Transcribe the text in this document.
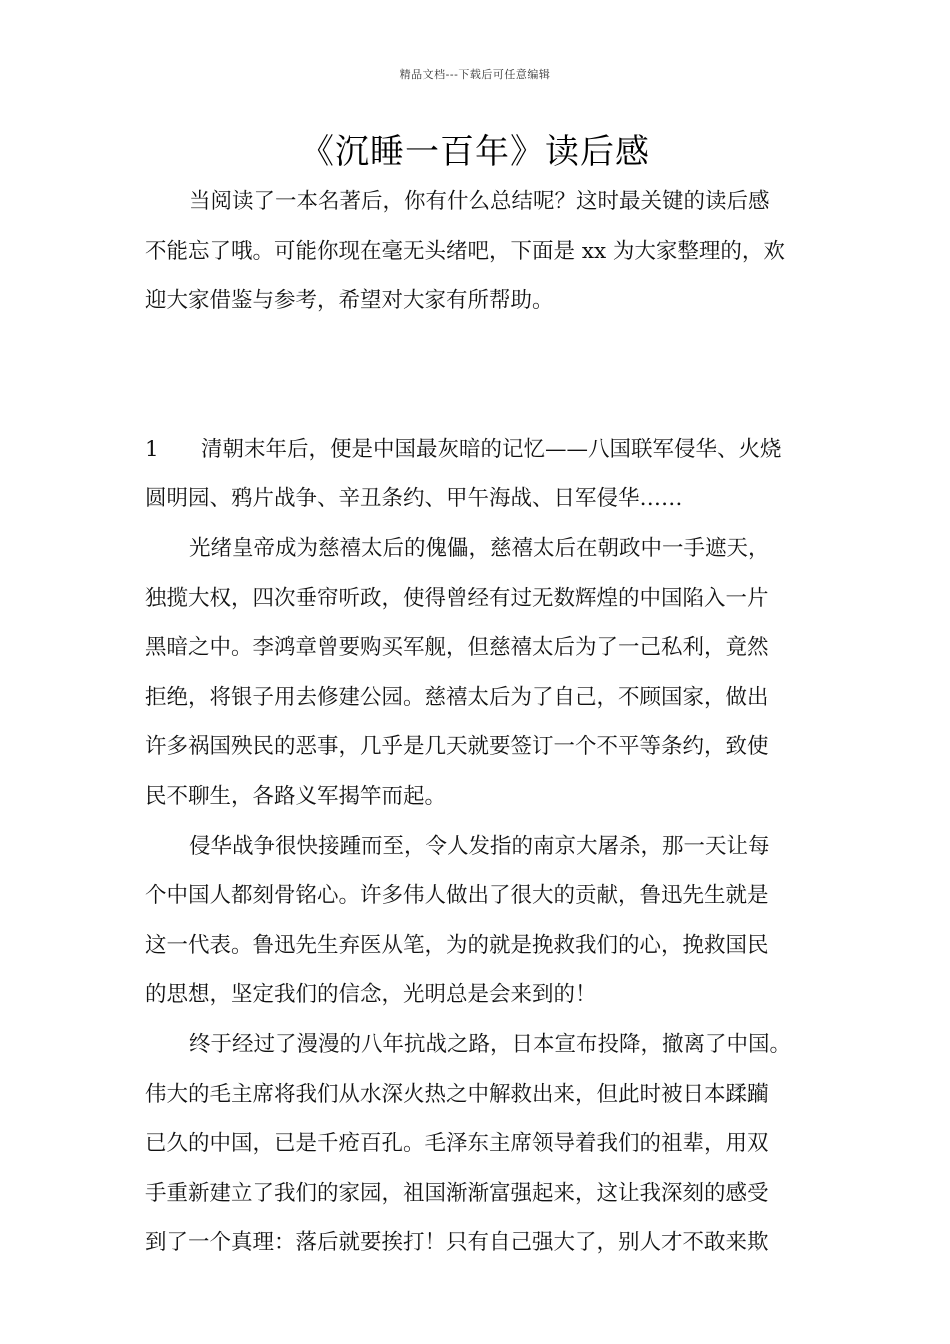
精品文档---下载后可任意编辑
《沉睡一百年》读后感
当阅读了一本名著后，你有什么总结呢？这时最关键的读后感
不能忘了哦。可能你现在毫无头绪吧，下面是 xx 为大家整理的，欢
迎大家借鉴与参考，希望对大家有所帮助。
1 清朝末年后，便是中国最灰暗的记忆——八国联军侵华、火烧
圆明园、鸦片战争、辛丑条约、甲午海战、日军侵华……
光绪皇帝成为慈禧太后的傀儡，慈禧太后在朝政中一手遮天，
独揽大权，四次垂帘听政，使得曾经有过无数辉煌的中国陷入一片
黑暗之中。李鸿章曾要购买军舰，但慈禧太后为了一己私利，竟然
拒绝，将银子用去修建公园。慈禧太后为了自己，不顾国家，做出
许多祸国殃民的恶事，几乎是几天就要签订一个不平等条约，致使
民不聊生，各路义军揭竿而起。
侵华战争很快接踵而至，令人发指的南京大屠杀，那一天让每
个中国人都刻骨铭心。许多伟人做出了很大的贡献，鲁迅先生就是
这一代表。鲁迅先生弃医从笔，为的就是挽救我们的心，挽救国民
的思想，坚定我们的信念，光明总是会来到的！
终于经过了漫漫的八年抗战之路，日本宣布投降，撤离了中国。
伟大的毛主席将我们从水深火热之中解救出来，但此时被日本蹂躏
已久的中国，已是千疮百孔。毛泽东主席领导着我们的祖辈，用双
手重新建立了我们的家园，祖国渐渐富强起来，这让我深刻的感受
到了一个真理：落后就要挨打！只有自己强大了，别人才不敢来欺
